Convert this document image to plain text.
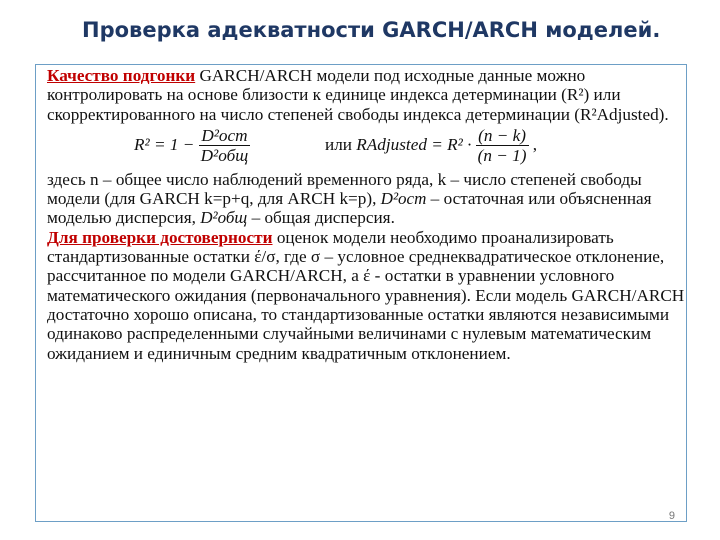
Проверка адекватности GARCH/ARCH моделей.

Качество подгонки GARCH/ARCH модели под исходные данные можно контролировать на основе близости к единице индекса детерминации (R²) или скорректированного на число степеней свободы индекса детерминации (R²Adjusted).

$R^2 = 1 - \frac{\text{D²ост}}{\text{D²общ}}$	или RAdjusted = $R^2 \cdot \frac{(n - k)}{(n - 1)}$ ,

здесь n – общее число наблюдений временного ряда, k – число степеней свободы модели (для GARCH k=p+q, для ARCH k=p), D²ост – остаточная или объясненная моделью дисперсия, D²общ – общая дисперсия.

Для проверки достоверности оценок модели необходимо проанализировать стандартизованные остатки έ/σ, где σ – условное среднеквадратическое отклонение, рассчитанное по модели GARCH/ARCH, а έ - остатки в уравнении условного математического ожидания (первоначального уравнения). Если модель GARCH/ARCH достаточно хорошо описана, то стандартизованные остатки являются независимыми одинаково распределенными случайными величинами с нулевым математическим ожиданием и единичным средним квадратичным отклонением.

9
